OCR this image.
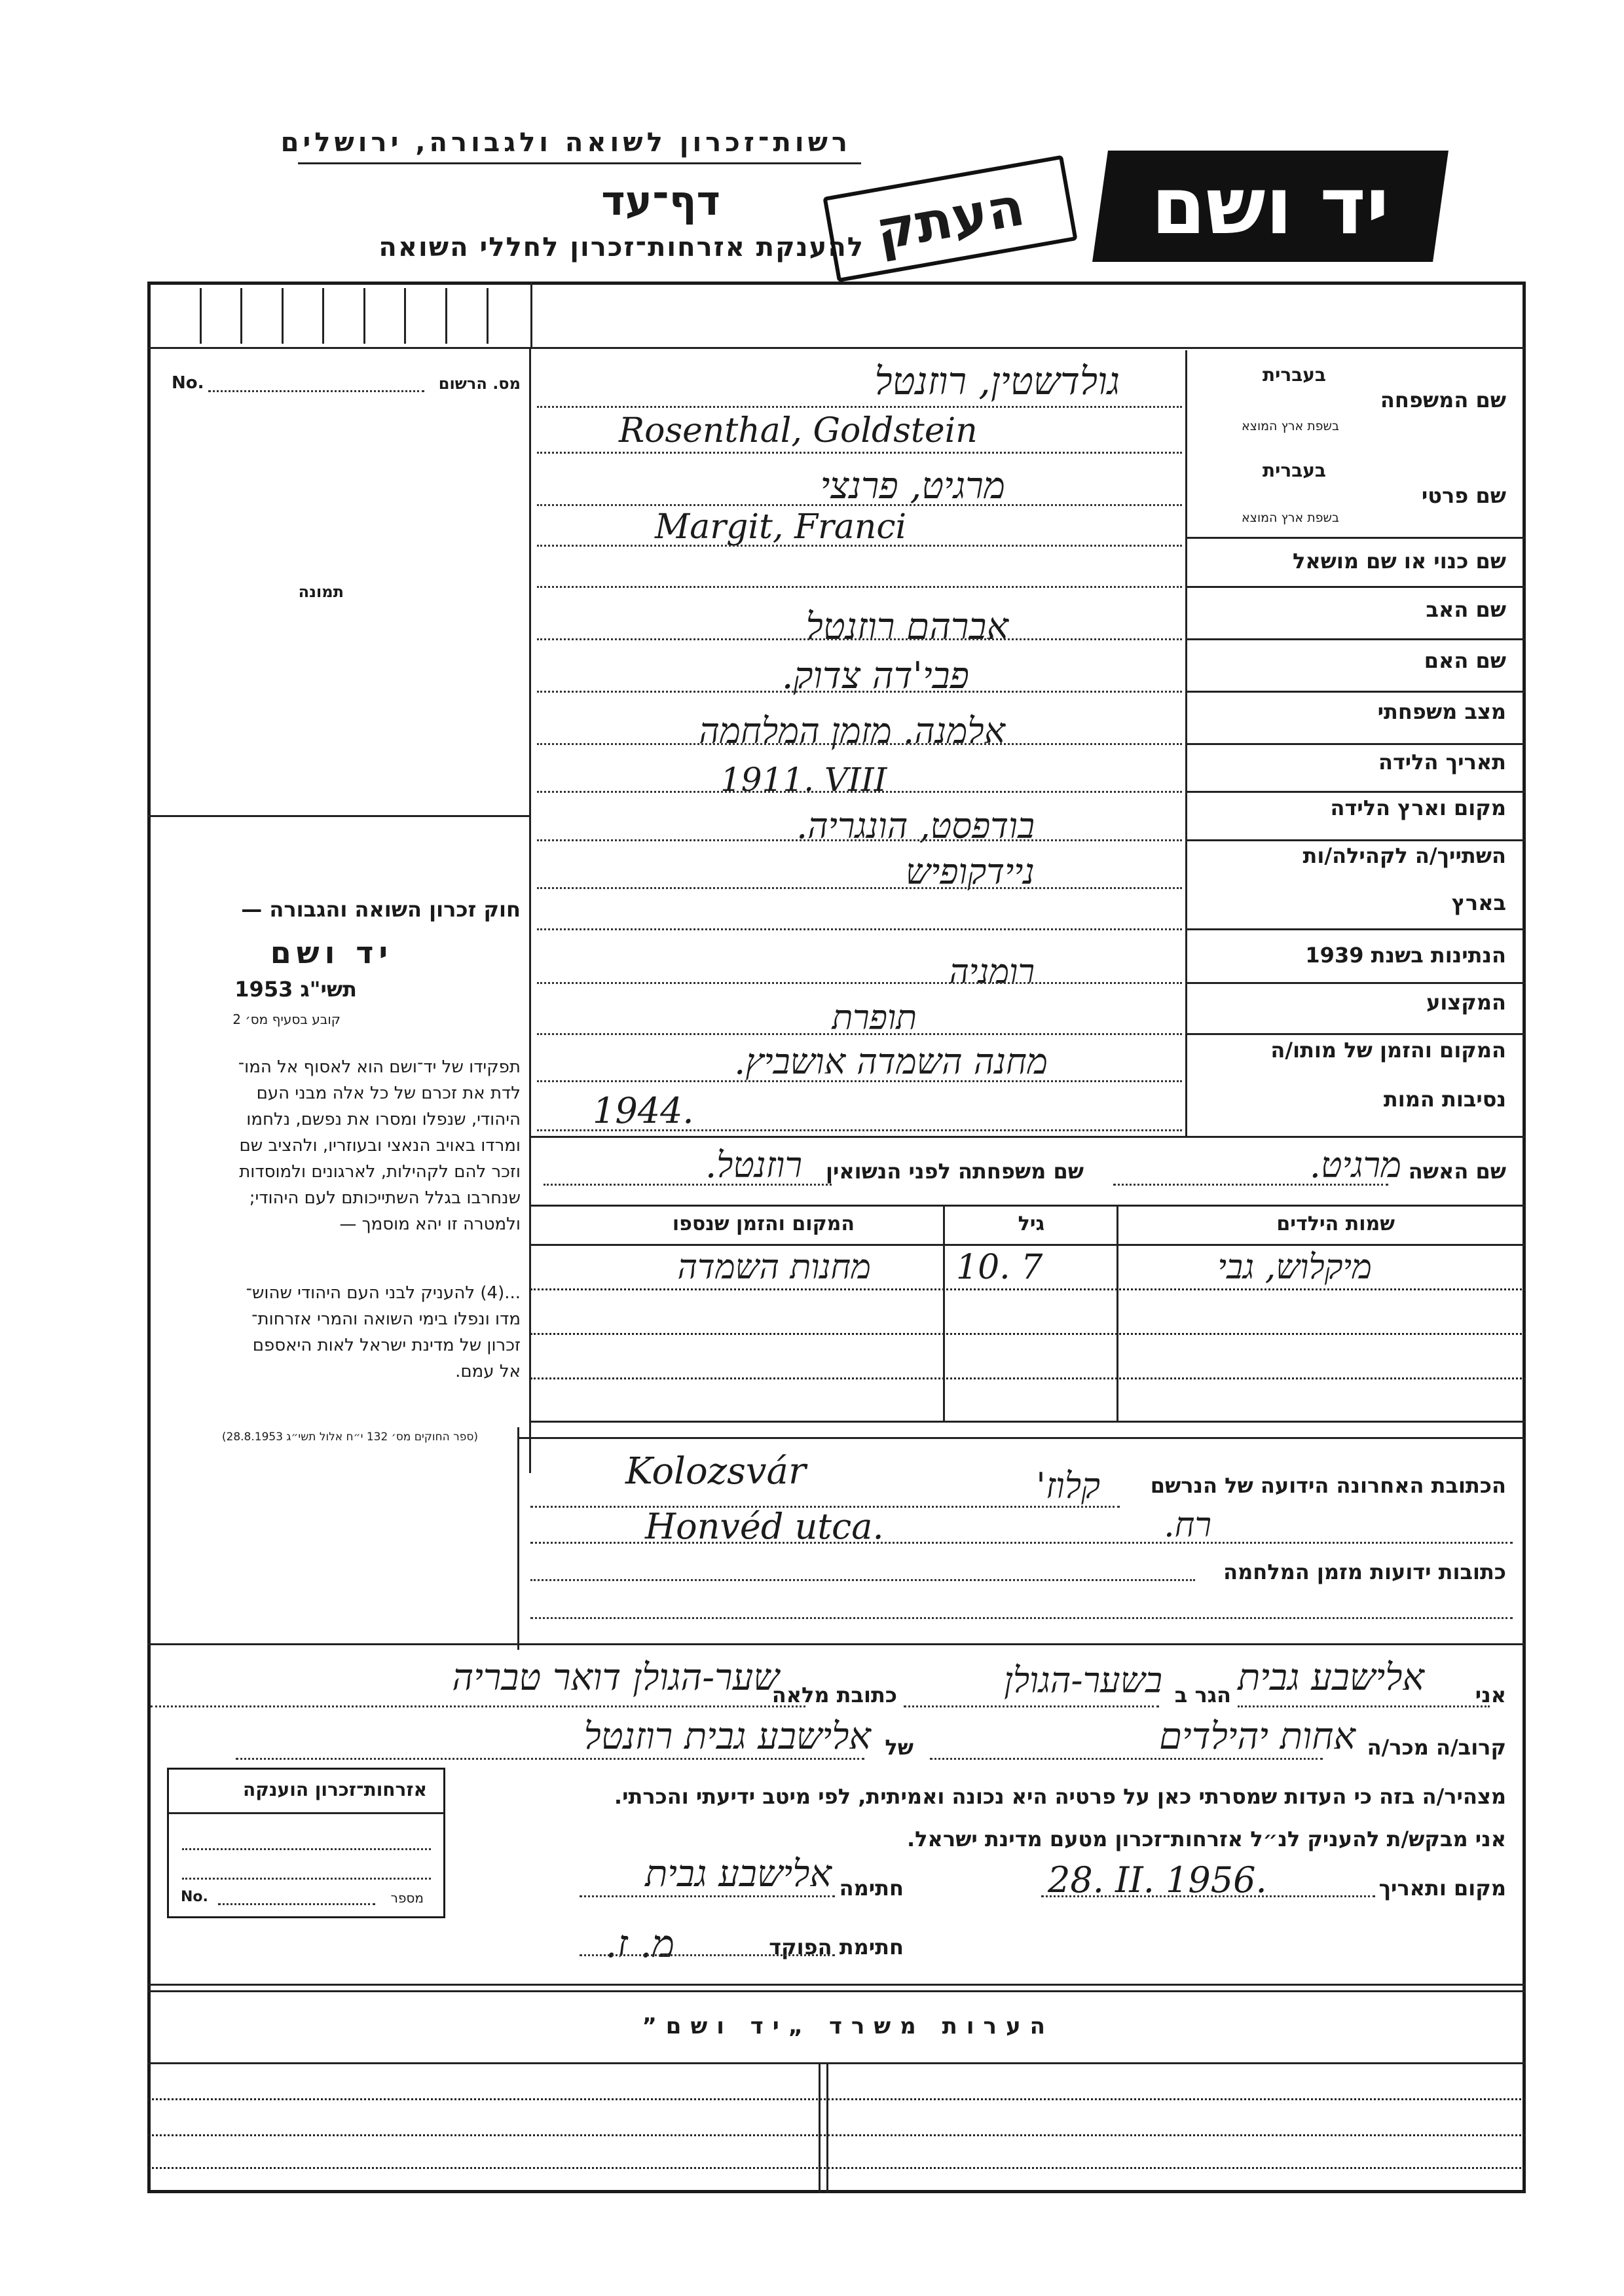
רשות־זכרון לשואה ולגבורה, ירושלים
דף־עד
להענקת אזרחות־זכרון לחללי השואה העתק יד ושם
No.	מס. הרשום
תמונה
חוק זכרון השואה והגבורה —
יד ושם
תשי"ג 1953
קובע בסעיף מס׳ 2
תפקידו של יד־ושם הוא לאסוף אל המו־
לדת את זכרם של כל אלה מבני העם
היהודי, שנפלו ומסרו את נפשם, נלחמו
ומרדו באויב הנאצי ובעוזריו, ולהציב שם
וזכר להם לקהילות, לארגונים ולמוסדות
שנחרבו בגלל השתייכותם לעם היהודי;
ולמטרה זו יהא מוסמך —
...(4) להעניק לבני העם היהודי שהוש־
מדו ונפלו בימי השואה והמרי אזרחות־
זכרון של מדינת ישראל לאות היאספם
אל עמם.
(ספר החוקים מס׳ 132 י״ח אלול תשי״ג 28.8.1953)
שם המשפחה
בעברית
בשפת ארץ המוצא
גולדשטין, רוזנטל
Rosenthal, Goldstein
שם פרטי
בעברית
בשפת ארץ המוצא
מרגיט, פרנצי
Margit, Franci
שם כנוי או שם מושאל
שם האב
אברהם רוזנטל
שם האם
פבי'דה צדוק.
מצב משפחתי
אלמנה. מזמן המלחמה
תאריך הלידה
1911. VIII
מקום וארץ הלידה
בודפסט, הונגריה.
השתייך/ה לקהילה/ות
ניידקופיש
בארץ
הנתינות בשנת 1939
רומניה
המקצוע
תופרת
המקום והזמן של מותו/ה
מחנה השמדה אושביץ.
נסיבות המות
1944.
שם האשה
מרגיט.
שם משפחתה לפני הנשואין
רוזנטל.
שמות הילדים
גיל
המקום והזמן שנספו
מיקלוש, גבי
10. 7
מחנות השמדה
הכתובת האחרונה הידועה של הנרשם
קלוז'
Kolozsvár
רח.
Honvéd utca.
כתובות ידועות מזמן המלחמה
אני
אלישבע גבית
הגר ב
בשער-הגולן
כתובת מלאה
שער-הגולן דואר טבריה
קרוב/ה מכר/ה
אחות יהילדים
של
אלישבע גבית רוזנטל
מצהיר/ה בזה כי העדות שמסרתי כאן על פרטיה היא נכונה ואמיתית, לפי מיטב ידיעתי והכרתי.
אני מבקש/ת להעניק לנ״ל אזרחות־זכרון מטעם מדינת ישראל.
מקום ותאריך
28. II. 1956.
חתימה
אלישבע גבית
חתימת הפוקד
מ. ז.
אזרחות־זכרון הוענקה
No.	מספר
הערות משרד „יד ושם”
